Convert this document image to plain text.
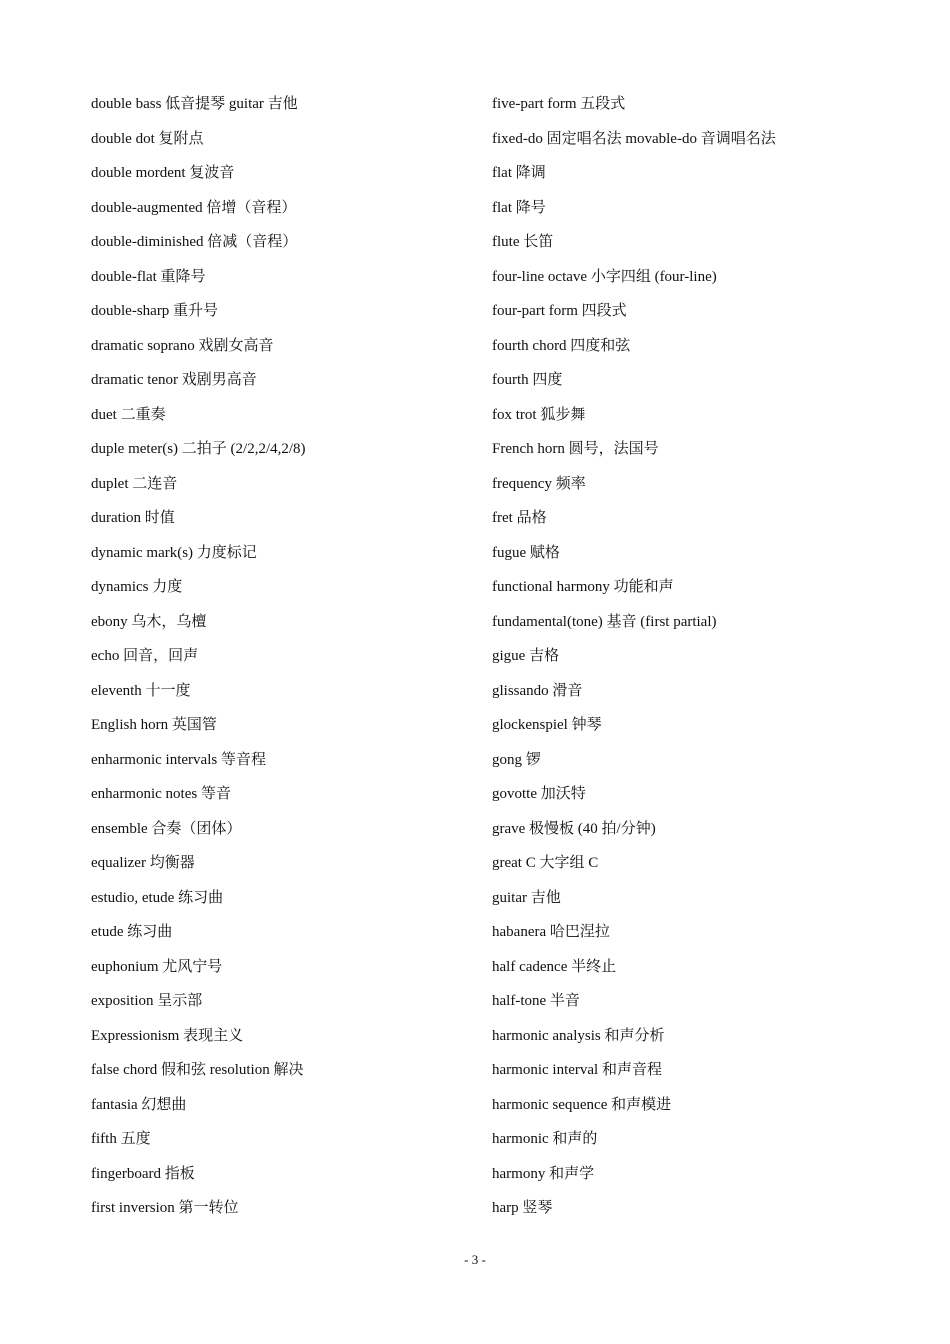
double bass 低音提琴 guitar 吉他
double dot 复附点
double mordent 复波音
double-augmented 倍增（音程）
double-diminished 倍减（音程）
double-flat 重降号
double-sharp 重升号
dramatic soprano 戏剧女高音
dramatic tenor 戏剧男高音
duet 二重奏
duple meter(s) 二拍子 (2/2,2/4,2/8)
duplet 二连音
duration 时值
dynamic mark(s) 力度标记
dynamics 力度
ebony 乌木，乌檀
echo 回音，回声
eleventh 十一度
English horn 英国管
enharmonic intervals 等音程
enharmonic notes 等音
ensemble 合奏（团体）
equalizer 均衡器
estudio, etude 练习曲
etude 练习曲
euphonium 尤风宁号
exposition 呈示部
Expressionism 表现主义
false chord 假和弦 resolution 解决
fantasia 幻想曲
fifth 五度
fingerboard 指板
first inversion 第一转位
five-part form 五段式
fixed-do 固定唱名法 movable-do 音调唱名法
flat 降调
flat 降号
flute 长笛
four-line octave 小字四组 (four-line)
four-part form 四段式
fourth chord 四度和弦
fourth 四度
fox trot 狐步舞
French horn 圆号，法国号
frequency 频率
fret 品格
fugue 赋格
functional harmony 功能和声
fundamental(tone) 基音 (first partial)
gigue 吉格
glissando 滑音
glockenspiel 钟琴
gong 锣
govotte 加沃特
grave 极慢板 (40 拍/分钟)
great C 大字组 C
guitar 吉他
habanera 哈巴涅拉
half cadence 半终止
half-tone 半音
harmonic analysis 和声分析
harmonic interval 和声音程
harmonic sequence 和声模进
harmonic 和声的
harmony 和声学
harp 竖琴
- 3 -
